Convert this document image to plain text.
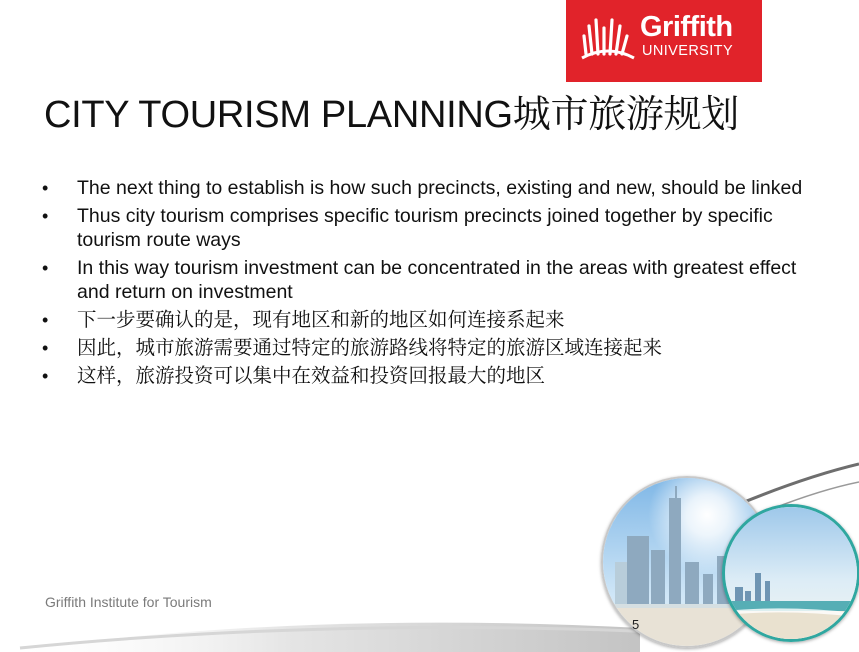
Griffith
UNIVERSITY
CITY TOURISM PLANNING城市旅游规划
• The next thing to establish is how such precincts, existing and new, should be linked
• Thus city tourism comprises specific tourism precincts joined together by specific tourism route ways
• In this way tourism investment can be concentrated in the areas with greatest effect and return on investment
• 下一步要确认的是，现有地区和新的地区如何连接系起来
• 因此，城市旅游需要通过特定的旅游路线将特定的旅游区域连接起来
• 这样，旅游投资可以集中在效益和投资回报最大的地区
Griffith Institute for Tourism
5
